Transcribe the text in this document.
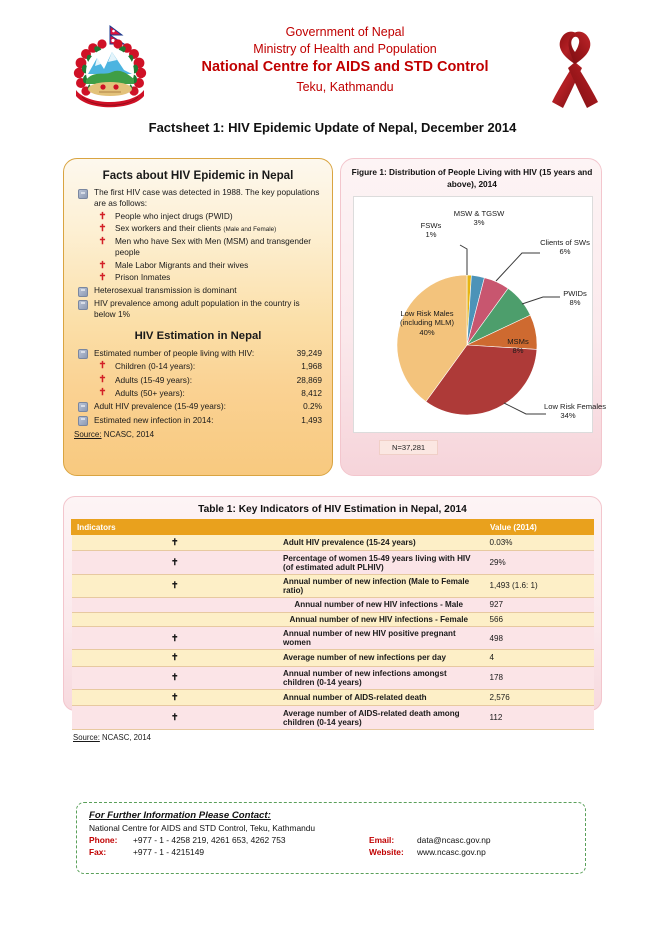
Government of Nepal
Ministry of Health and Population
National Centre for AIDS and STD Control
Teku, Kathmandu
Factsheet 1: HIV Epidemic Update of Nepal, December 2014
Facts about HIV Epidemic in Nepal
The first HIV case was detected in 1988. The key populations are as follows:
✝ People who inject drugs (PWID)
✝ Sex workers and their clients (Male and Female)
✝ Men who have Sex with Men (MSM) and transgender people
✝ Male Labor Migrants and their wives
✝ Prison Inmates
Heterosexual transmission is dominant
HIV prevalence among adult population in the country is below 1%
HIV Estimation in Nepal
Estimated number of people living with HIV:	39,249
✝ Children (0-14 years):	1,968
✝ Adults (15-49 years):	28,869
✝ Adults (50+ years):	8,412
Adult HIV prevalence (15-49 years):	0.2%
Estimated new infection in 2014:	1,493
Source: NCASC, 2014
Figure 1: Distribution of People Living with HIV (15 years and above), 2014
FSWs
1%
MSW & TGSW
3%
Clients of SWs
6%
PWIDs
8%
MSMs
8%
Low Risk Females
34%
Low Risk Males (including MLM)
40%
N=37,281
Table 1: Key Indicators of HIV Estimation in Nepal, 2014
Indicators		Value (2014)
✝	Adult HIV prevalence (15-24 years)	0.03%
✝	Percentage of women 15-49 years living with HIV (of estimated adult PLHIV)	29%
✝	Annual number of new infection (Male to Female ratio)	1,493 (1.6: 1)
	Annual number of new HIV infections - Male	927
	Annual number of new HIV infections - Female	566
✝	Annual number of new HIV positive pregnant women	498
✝	Average number of new infections per day	4
✝	Annual number of new infections amongst children (0-14 years)	178
✝	Annual number of AIDS-related death	2,576
✝	Average number of AIDS-related death among children (0-14 years)	112
Source: NCASC, 2014
For Further Information Please Contact:
National Centre for AIDS and STD Control, Teku, Kathmandu
Phone:	+977 - 1 - 4258 219, 4261 653, 4262 753	Email:	data@ncasc.gov.np
Fax:	+977 - 1 - 4215149	Website:	www.ncasc.gov.np
